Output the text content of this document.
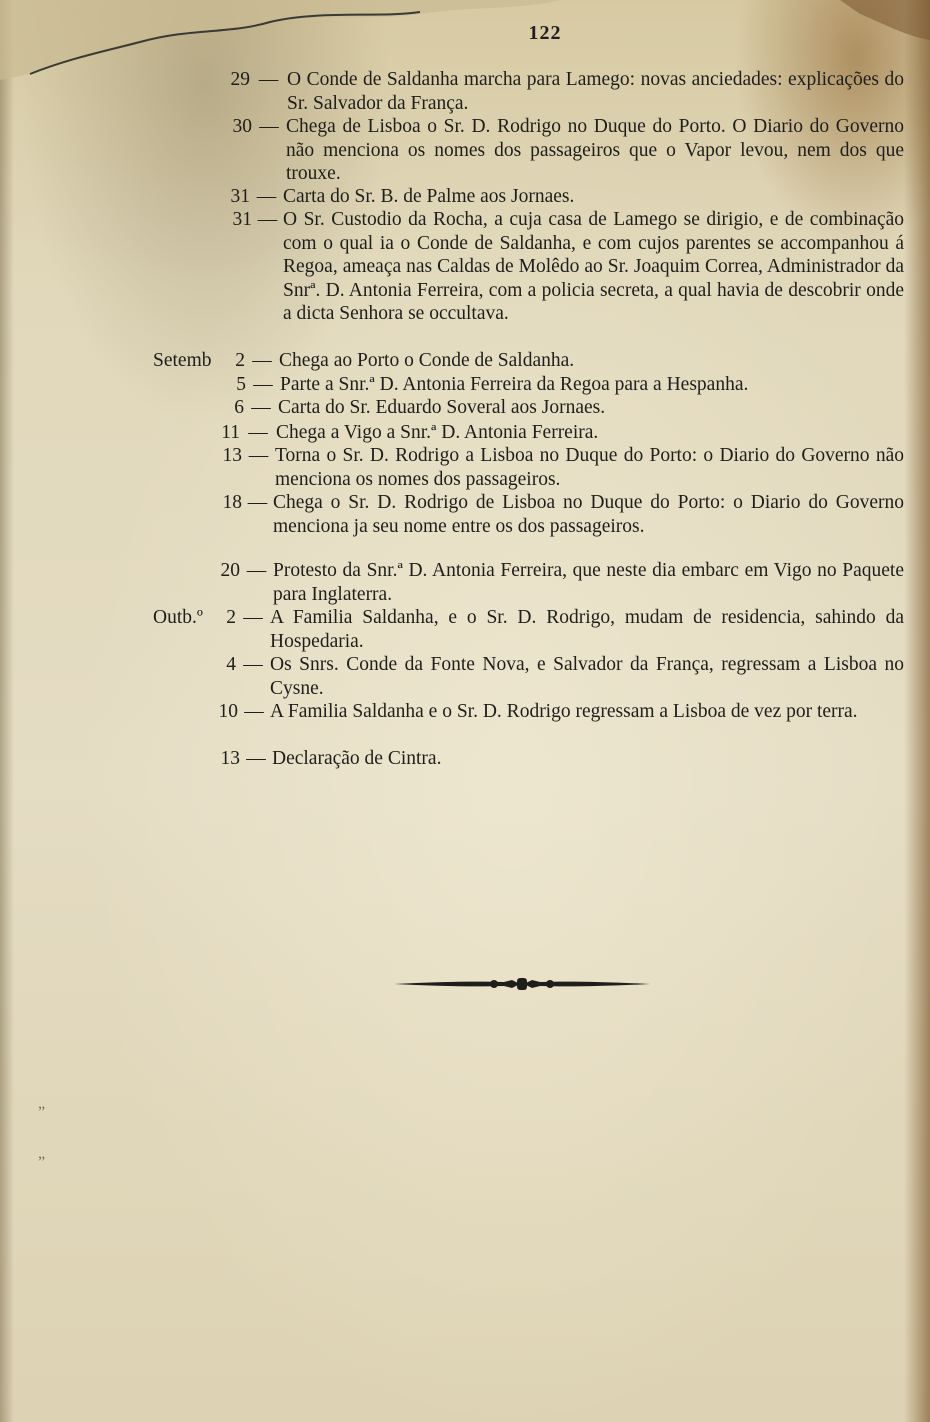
122
29 — O Conde de Saldanha marcha para Lamego: novas anciedades: explicações do Sr. Salvador da França.
30 — Chega de Lisboa o Sr. D. Rodrigo no Duque do Porto. O Diario do Governo não menciona os nomes dos passageiros que o Vapor levou, nem dos que trouxe.
31 — Carta do Sr. B. de Palme aos Jornaes.
31 — O Sr. Custodio da Rocha, a cuja casa de Lamego se dirigio, e de combinação com o qual ia o Conde de Saldanha, e com cujos parentes se accompanhou á Regoa, ameaça nas Caldas de Molêdo ao Sr. Joaquim Correa, Administrador da Snrª. D. Antonia Ferreira, com a policia secreta, a qual havia de descobrir onde a dicta Senhora se occultava.
Setemb	2 — Chega ao Porto o Conde de Saldanha.
5 — Parte a Snr.ª D. Antonia Ferreira da Regoa para a Hespanha.
6 — Carta do Sr. Eduardo Soveral aos Jornaes.
11 — Chega a Vigo a Snr.ª D. Antonia Ferreira.
13 — Torna o Sr. D. Rodrigo a Lisboa no Duque do Porto: o Diario do Governo não menciona os nomes dos passageiros.
18 — Chega o Sr. D. Rodrigo de Lisboa no Duque do Porto: o Diario do Governo menciona ja seu nome entre os dos passageiros.
20 — Protesto da Snr.ª D. Antonia Ferreira, que neste dia embarc em Vigo no Paquete para Inglaterra.
Outb.º	2 — A Familia Saldanha, e o Sr. D. Rodrigo, mudam de residencia, sahindo da Hospedaria.
4 — Os Snrs. Conde da Fonte Nova, e Salvador da França, regressam a Lisboa no Cysne.
10 — A Familia Saldanha e o Sr. D. Rodrigo regressam a Lisboa de vez por terra.
13 — Declaração de Cintra.
”
”
